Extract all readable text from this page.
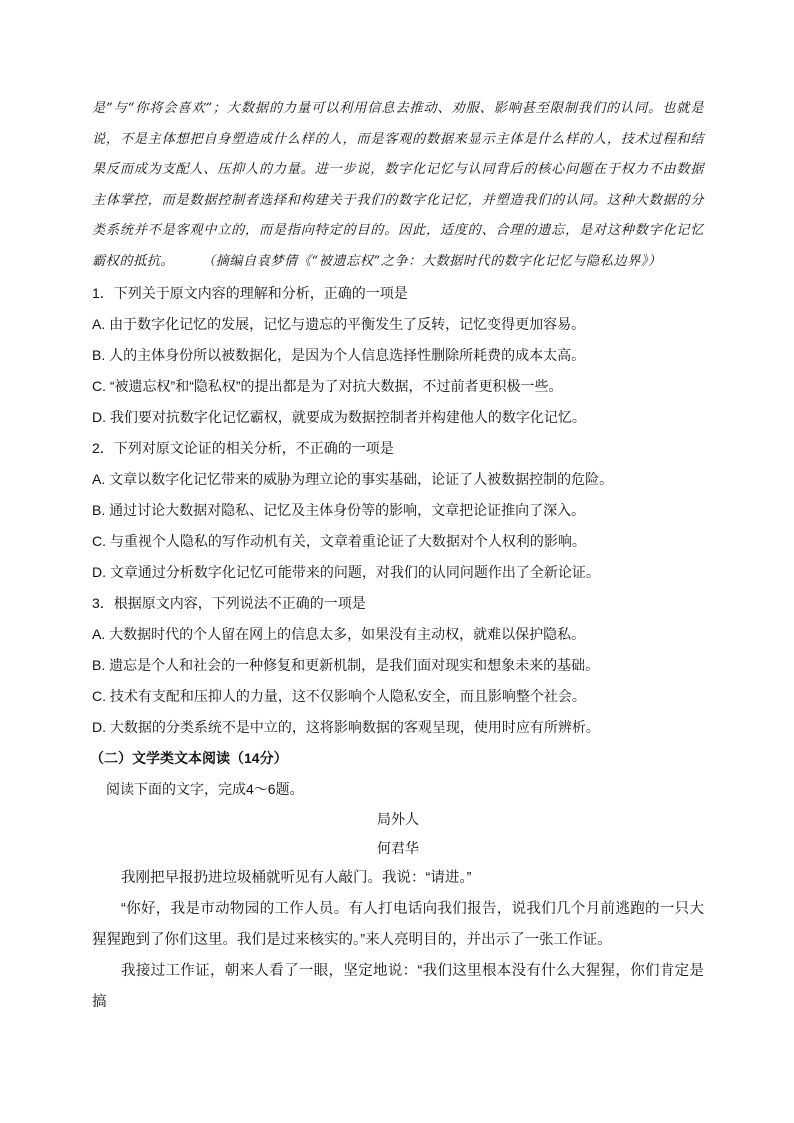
是”与“你将会喜欢”；大数据的力量可以利用信息去推动、劝服、影响甚至限制我们的认同。也就是说，不是主体想把自身塑造成什么样的人，而是客观的数据来显示主体是什么样的人，技术过程和结果反而成为支配人、压抑人的力量。进一步说，数字化记忆与认同背后的核心问题在于权力不由数据主体掌控，而是数据控制者选择和构建关于我们的数字化记忆，并塑造我们的认同。这种大数据的分类系统并不是客观中立的，而是指向特定的目的。因此，适度的、合理的遗忘，是对这种数字化记忆霸权的抵抗。　　　（摘编自袁梦倩《“被遗忘权”之争：大数据时代的数字化记忆与隐私边界》）
1．下列关于原文内容的理解和分析，正确的一项是
A. 由于数字化记忆的发展，记忆与遗忘的平衡发生了反转，记忆变得更加容易。
B. 人的主体身份所以被数据化，是因为个人信息选择性删除所耗费的成本太高。
C. “被遗忘权”和“隐私权”的提出都是为了对抗大数据，不过前者更积极一些。
D. 我们要对抗数字化记忆霸权，就要成为数据控制者并构建他人的数字化记忆。
2．下列对原文论证的相关分析，不正确的一项是
A. 文章以数字化记忆带来的威胁为理立论的事实基础，论证了人被数据控制的危险。
B. 通过讨论大数据对隐私、记忆及主体身份等的影响，文章把论证推向了深入。
C. 与重视个人隐私的写作动机有关，文章着重论证了大数据对个人权利的影响。
D. 文章通过分析数字化记忆可能带来的问题，对我们的认同问题作出了全新论证。
3．根据原文内容，下列说法不正确的一项是
A. 大数据时代的个人留在网上的信息太多，如果没有主动权，就难以保护隐私。
B. 遗忘是个人和社会的一种修复和更新机制，是我们面对现实和想象未来的基础。
C. 技术有支配和压抑人的力量，这不仅影响个人隐私安全，而且影响整个社会。
D. 大数据的分类系统不是中立的，这将影响数据的客观呈现，使用时应有所辨析。
（二）文学类文本阅读（14分）
阅读下面的文字，完成4～6题。
局外人
何君华
我刚把早报扔进垃圾桶就听见有人敲门。我说：“请进。”
“你好，我是市动物园的工作人员。有人打电话向我们报告，说我们几个月前逃跑的一只大猩猩跑到了你们这里。我们是过来核实的。”来人亮明目的，并出示了一张工作证。
我接过工作证，朝来人看了一眼，坚定地说：“我们这里根本没有什么大猩猩，你们肯定是搞
